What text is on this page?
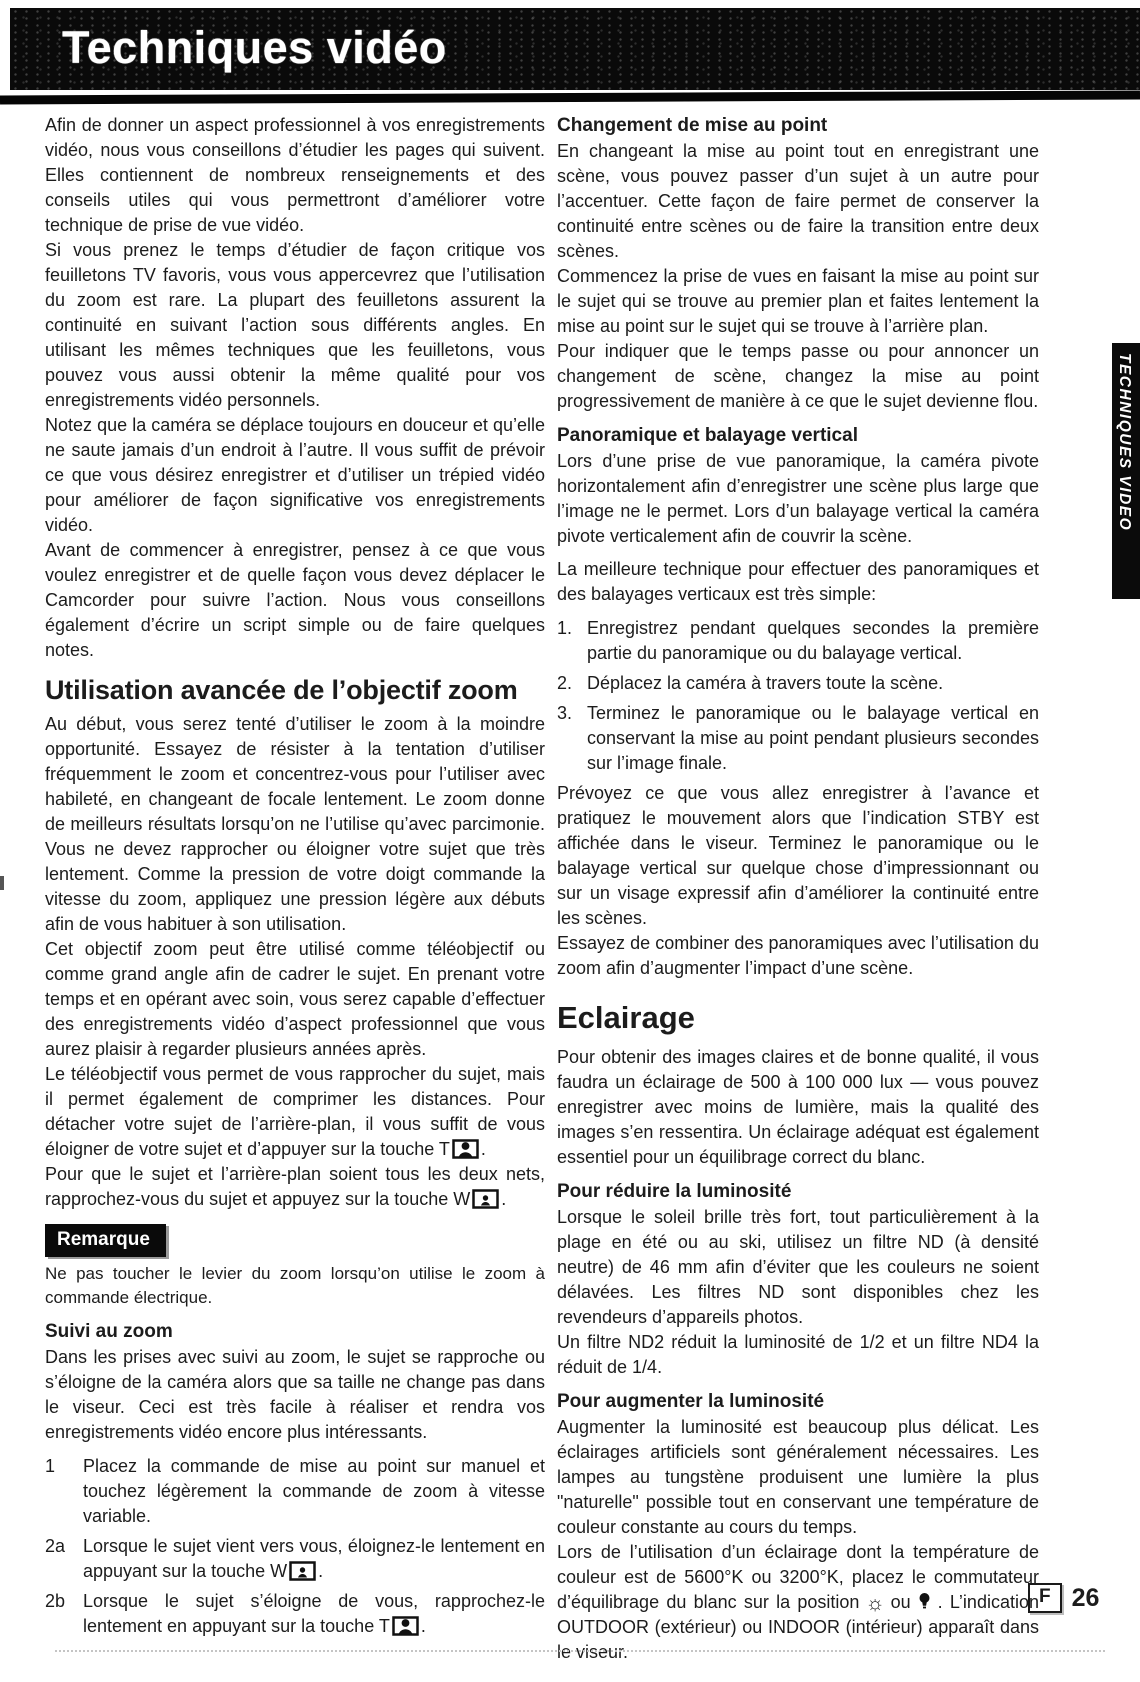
Techniques vidéo

Afin de donner un aspect professionnel à vos enregistrements vidéo, nous vous conseillons d’étudier les pages qui suivent. Elles contiennent de nombreux renseignements et des conseils utiles qui vous permettront d’améliorer votre technique de prise de vue vidéo.

Si vous prenez le temps d’étudier de façon critique vos feuilletons TV favoris, vous vous appercevrez que l’utilisation du zoom est rare. La plupart des feuilletons assurent la continuité en suivant l’action sous différents angles. En utilisant les mêmes techniques que les feuilletons, vous pouvez vous aussi obtenir la même qualité pour vos enregistrements vidéo personnels.

Notez que la caméra se déplace toujours en douceur et qu’elle ne saute jamais d’un endroit à l’autre. Il vous suffit de prévoir ce que vous désirez enregistrer et d’utiliser un trépied vidéo pour améliorer de façon significative vos enregistrements vidéo.

Avant de commencer à enregistrer, pensez à ce que vous voulez enregistrer et de quelle façon vous devez déplacer le Camcorder pour suivre l’action. Nous vous conseillons également d’écrire un script simple ou de faire quelques notes.

Utilisation avancée de l’objectif zoom

Au début, vous serez tenté d’utiliser le zoom à la moindre opportunité. Essayez de résister à la tentation d’utiliser fréquemment le zoom et concentrez-vous pour l’utiliser avec habileté, en changeant de focale lentement. Le zoom donne de meilleurs résultats lorsqu’on ne l’utilise qu’avec parcimonie. Vous ne devez rapprocher ou éloigner votre sujet que très lentement. Comme la pression de votre doigt commande la vitesse du zoom, appliquez une pression légère aux débuts afin de vous habituer à son utilisation.

Cet objectif zoom peut être utilisé comme téléobjectif ou comme grand angle afin de cadrer le sujet. En prenant votre temps et en opérant avec soin, vous serez capable d’effectuer des enregistrements vidéo d’aspect professionnel que vous aurez plaisir à regarder plusieurs années après.

Le téléobjectif vous permet de vous rapprocher du sujet, mais il permet également de comprimer les distances. Pour détacher votre sujet de l’arrière-plan, il vous suffit de vous éloigner de votre sujet et d’appuyer sur la touche T .

Pour que le sujet et l’arrière-plan soient tous les deux nets, rapprochez-vous du sujet et appuyez sur la touche W .

Remarque

Ne pas toucher le levier du zoom lorsqu’on utilise le zoom à commande électrique.

Suivi au zoom

Dans les prises avec suivi au zoom, le sujet se rapproche ou s’éloigne de la caméra alors que sa taille ne change pas dans le viseur. Ceci est très facile à réaliser et rendra vos enregistrements vidéo encore plus intéressants.

1	Placez la commande de mise au point sur manuel et touchez légèrement la commande de zoom à vitesse variable.
2a Lorsque le sujet vient vers vous, éloignez-le lentement en appuyant sur la touche W .
2b Lorsque le sujet s’éloigne de vous, rapprochez-le lentement en appuyant sur la touche T .
Changement de mise au point

En changeant la mise au point tout en enregistrant une scène, vous pouvez passer d’un sujet à un autre pour l’accentuer. Cette façon de faire permet de conserver la continuité entre scènes ou de faire la transition entre deux scènes.

Commencez la prise de vues en faisant la mise au point sur le sujet qui se trouve au premier plan et faites lentement la mise au point sur le sujet qui se trouve à l’arrière plan.

Pour indiquer que le temps passe ou pour annoncer un changement de scène, changez la mise au point progressivement de manière à ce que le sujet devienne flou.

Panoramique et balayage vertical

Lors d’une prise de vue panoramique, la caméra pivote horizontalement afin d’enregistrer une scène plus large que l’image ne le permet. Lors d’un balayage vertical la caméra pivote verticalement afin de couvrir la scène.

La meilleure technique pour effectuer des panoramiques et des balayages verticaux est très simple:

1. Enregistrez pendant quelques secondes la première partie du panoramique ou du balayage vertical.
2. Déplacez la caméra à travers toute la scène.
3. Terminez le panoramique ou le balayage vertical en conservant la mise au point pendant plusieurs secondes sur l’image finale.

Prévoyez ce que vous allez enregistrer à l’avance et pratiquez le mouvement alors que l’indication STBY est affichée dans le viseur. Terminez le panoramique ou le balayage vertical sur quelque chose d’impressionnant ou sur un visage expressif afin d’améliorer la continuité entre les scènes.

Essayez de combiner des panoramiques avec l’utilisation du zoom afin d’augmenter l’impact d’une scène.

Eclairage

Pour obtenir des images claires et de bonne qualité, il vous faudra un éclairage de 500 à 100 000 lux — vous pouvez enregistrer avec moins de lumière, mais la qualité des images s’en ressentira. Un éclairage adéquat est également essentiel pour un équilibrage correct du blanc.

Pour réduire la luminosité

Lorsque le soleil brille très fort, tout particulièrement à la plage en été ou au ski, utilisez un filtre ND (à densité neutre) de 46 mm afin d’éviter que les couleurs ne soient délavées. Les filtres ND sont disponibles chez les revendeurs d’appareils photos.

Un filtre ND2 réduit la luminosité de 1/2 et un filtre ND4 la réduit de 1/4.

Pour augmenter la luminosité

Augmenter la luminosité est beaucoup plus délicat. Les éclairages artificiels sont généralement nécessaires. Les lampes au tungstène produisent une lumière la plus "naturelle" possible tout en conservant une température de couleur constante au cours du temps.

Lors de l’utilisation d’un éclairage dont la température de couleur est de 5600°K ou 3200°K, placez le commutateur d’équilibrage du blanc sur la position ☼ ou . L’indication OUTDOOR (extérieur) ou INDOOR (intérieur) apparaît dans le viseur.

TECHNIQUES VIDEO
F 26
